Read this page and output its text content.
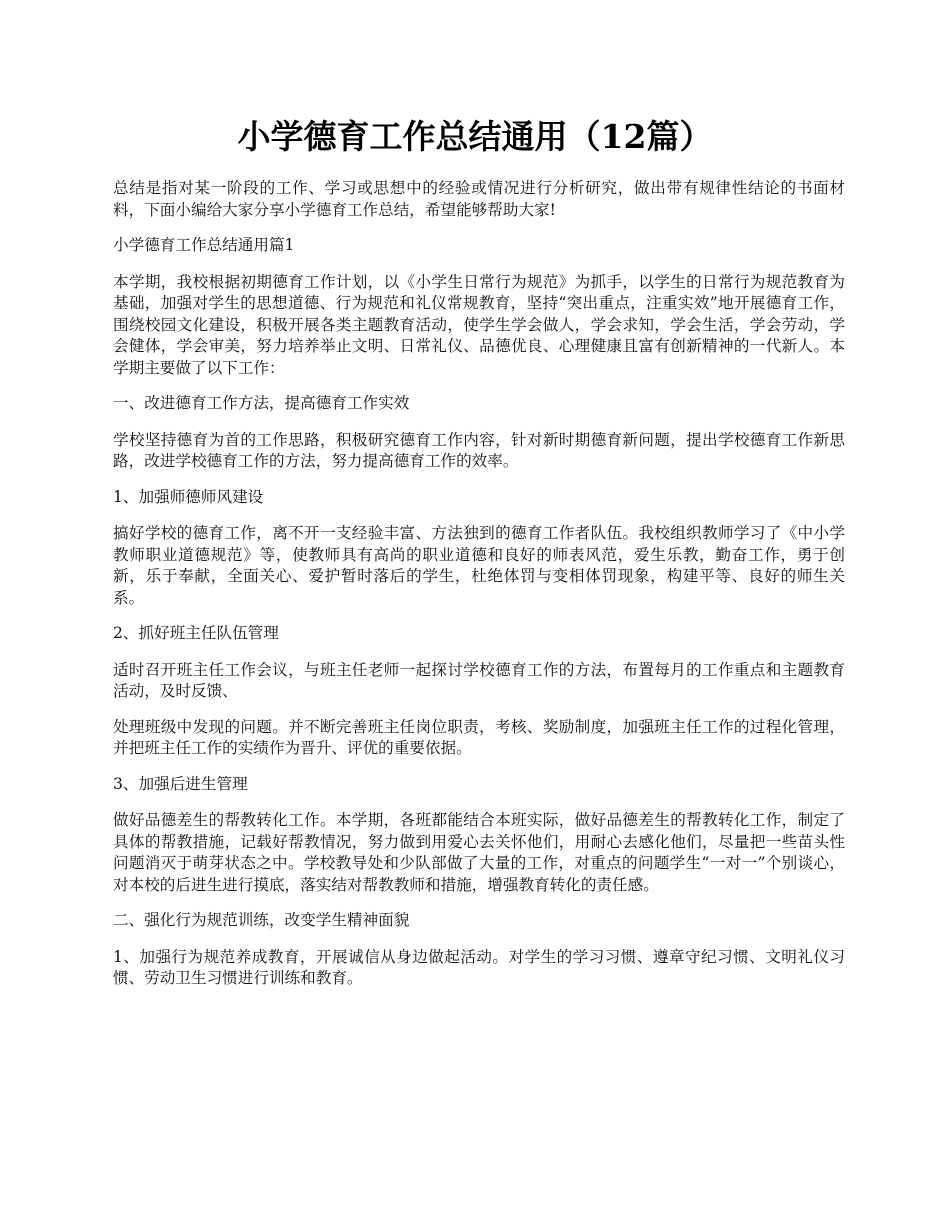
小学德育工作总结通用（12篇）

总结是指对某一阶段的工作、学习或思想中的经验或情况进行分析研究，做出带有规律性结论的书面材料，下面小编给大家分享小学德育工作总结，希望能够帮助大家!

小学德育工作总结通用篇1

本学期，我校根据初期德育工作计划，以《小学生日常行为规范》为抓手，以学生的日常行为规范教育为基础，加强对学生的思想道德、行为规范和礼仪常规教育，坚持“突出重点，注重实效”地开展德育工作，围绕校园文化建设，积极开展各类主题教育活动，使学生学会做人，学会求知，学会生活，学会劳动，学会健体，学会审美，努力培养举止文明、日常礼仪、品德优良、心理健康且富有创新精神的一代新人。本学期主要做了以下工作：

一、改进德育工作方法，提高德育工作实效

学校坚持德育为首的工作思路，积极研究德育工作内容，针对新时期德育新问题，提出学校德育工作新思路，改进学校德育工作的方法，努力提高德育工作的效率。

1、加强师德师风建设

搞好学校的德育工作，离不开一支经验丰富、方法独到的德育工作者队伍。我校组织教师学习了《中小学教师职业道德规范》等，使教师具有高尚的职业道德和良好的师表风范，爱生乐教，勤奋工作，勇于创新，乐于奉献，全面关心、爱护暂时落后的学生，杜绝体罚与变相体罚现象，构建平等、良好的师生关系。

2、抓好班主任队伍管理

适时召开班主任工作会议，与班主任老师一起探讨学校德育工作的方法，布置每月的工作重点和主题教育活动，及时反馈、

处理班级中发现的问题。并不断完善班主任岗位职责，考核、奖励制度，加强班主任工作的过程化管理，并把班主任工作的实绩作为晋升、评优的重要依据。

3、加强后进生管理

做好品德差生的帮教转化工作。本学期，各班都能结合本班实际，做好品德差生的帮教转化工作，制定了具体的帮教措施，记载好帮教情况，努力做到用爱心去关怀他们，用耐心去感化他们，尽量把一些苗头性问题消灭于萌芽状态之中。学校教导处和少队部做了大量的工作，对重点的问题学生“一对一”个别谈心，对本校的后进生进行摸底，落实结对帮教教师和措施，增强教育转化的责任感。

二、强化行为规范训练，改变学生精神面貌

1、加强行为规范养成教育，开展诚信从身边做起活动。对学生的学习习惯、遵章守纪习惯、文明礼仪习惯、劳动卫生习惯进行训练和教育。
